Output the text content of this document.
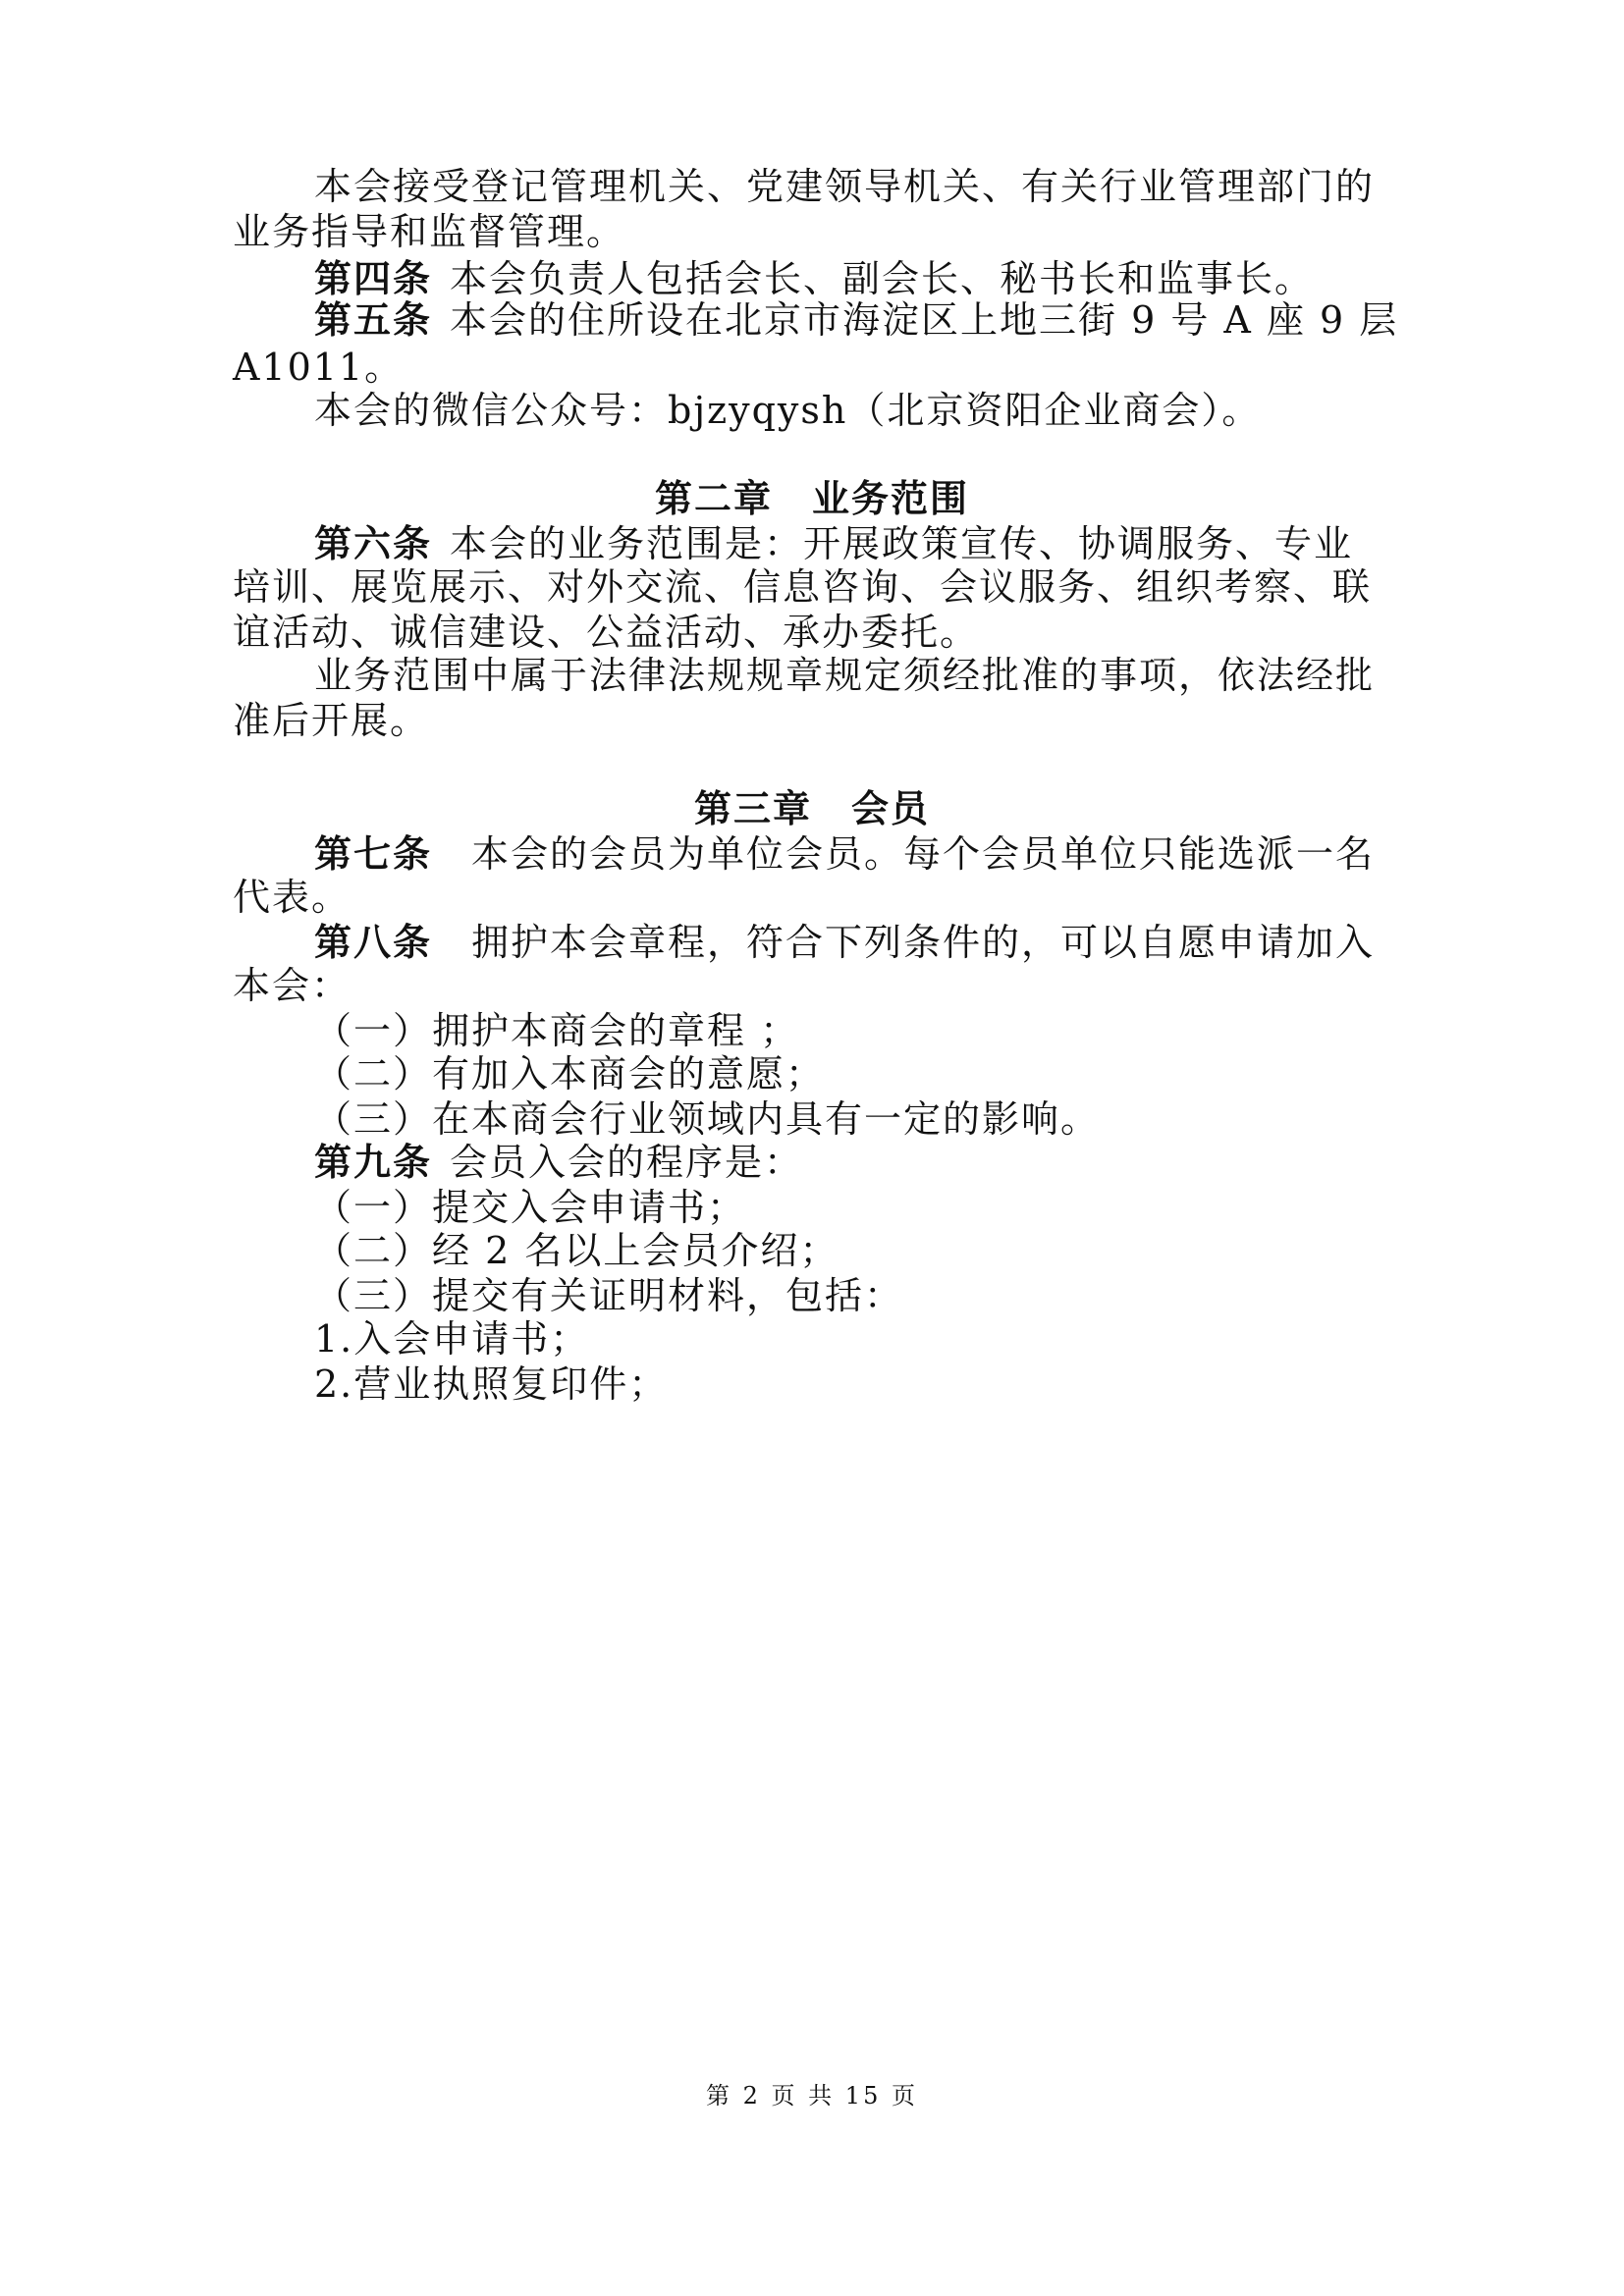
本会接受登记管理机关、党建领导机关、有关行业管理部门的
业务指导和监督管理。
第四条 本会负责人包括会长、副会长、秘书长和监事长。
第五条 本会的住所设在北京市海淀区上地三街 9 号 A 座 9 层
A1011。
本会的微信公众号：bjzyqysh（北京资阳企业商会）。
第二章 业务范围
第六条 本会的业务范围是：开展政策宣传、协调服务、专业
培训、展览展示、对外交流、信息咨询、会议服务、组织考察、联
谊活动、诚信建设、公益活动、承办委托。
业务范围中属于法律法规规章规定须经批准的事项，依法经批
准后开展。
第三章 会员
第七条 本会的会员为单位会员。每个会员单位只能选派一名
代表。
第八条 拥护本会章程，符合下列条件的，可以自愿申请加入
本会：
（一）拥护本商会的章程 ；
（二）有加入本商会的意愿；
（三）在本商会行业领域内具有一定的影响。
第九条 会员入会的程序是：
（一）提交入会申请书；
（二）经 2 名以上会员介绍；
（三）提交有关证明材料，包括：
1.入会申请书；
2.营业执照复印件；
第 2 页 共 15 页
